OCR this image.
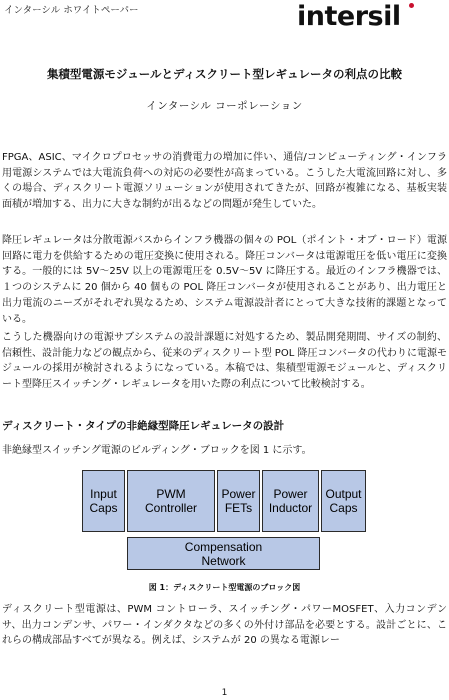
インターシル ホワイトペーパー	intersil
集積型電源モジュールとディスクリート型レギュレータの利点の比較
インターシル コーポレーション

FPGA、ASIC、マイクロプロセッサの消費電力の増加に伴い、通信/コンピューティング・インフラ用電源システムでは大電流負荷への対応の必要性が高まっている。こうした大電流回路に対し、多くの場合、ディスクリート電源ソリューションが使用されてきたが、回路が複雑になる、基板実装面積が増加する、出力に大きな制約が出るなどの問題が発生していた。

降圧レギュレータは分散電源バスからインフラ機器の個々の POL（ポイント・オブ・ロード）電源回路に電力を供給するための電圧変換に使用される。降圧コンバータは電源電圧を低い電圧に変換する。一般的には 5V～25V 以上の電源電圧を 0.5V～5V に降圧する。最近のインフラ機器では、１つのシステムに 20 個から 40 個もの POL 降圧コンバータが使用されることがあり、出力電圧と出力電流のニーズがそれぞれ異なるため、システム電源設計者にとって大きな技術的課題となっている。

こうした機器向けの電源サブシステムの設計課題に対処するため、製品開発期間、サイズの制約、信頼性、設計能力などの観点から、従来のディスクリート型 POL 降圧コンバータの代わりに電源モジュールの採用が検討されるようになっている。本稿では、集積型電源モジュールと、ディスクリート型降圧スイッチング・レギュレータを用いた際の利点について比較検討する。

ディスクリート・タイプの非絶縁型降圧レギュレータの設計

非絶縁型スイッチング電源のビルディング・ブロックを図 1 に示す。

Input
Caps
PWM
Controller
Power
FETs
Power
Inductor
Output
Caps
Compensation
Network
図 1：ディスクリート型電源のブロック図

ディスクリート型電源は、PWM コントローラ、スイッチング・パワーMOSFET、入力コンデンサ、出力コンデンサ、パワー・インダクタなどの多くの外付け部品を必要とする。設計ごとに、これらの構成部品すべてが異なる。例えば、システムが 20 の異なる電源レー

1
